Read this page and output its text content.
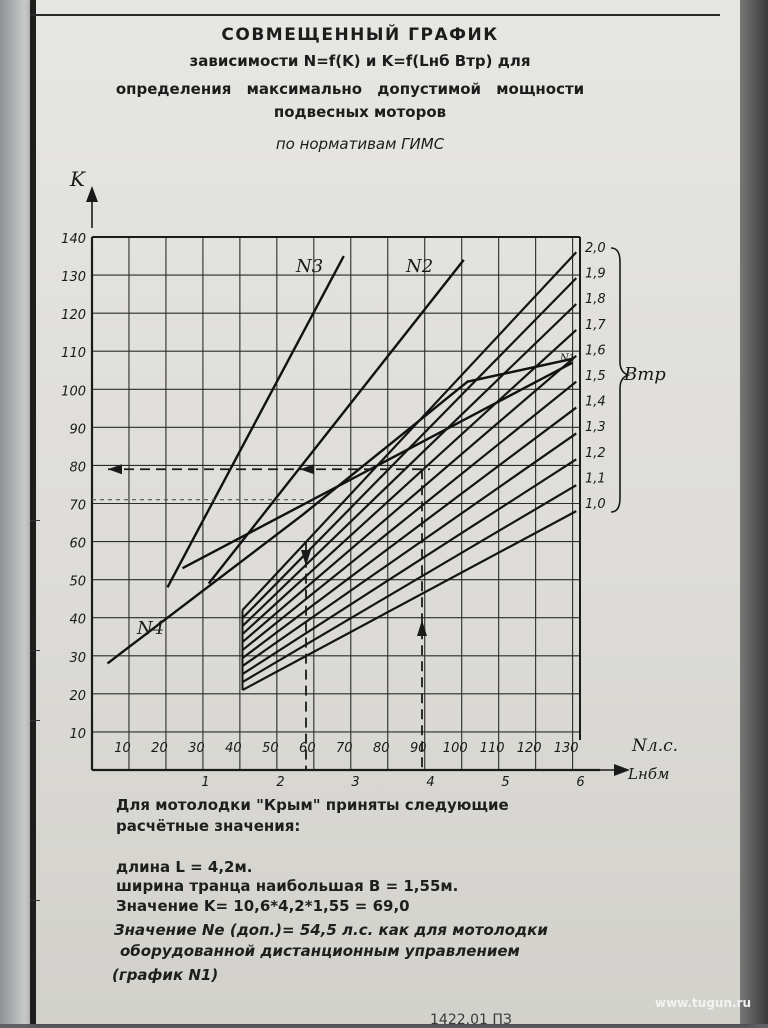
СОВМЕЩЕННЫЙ ГРАФИК
зависимости N=f(K) и K=f(Lнб Bтр) для
определения максимально допустимой мощности
подвесных моторов
по нормативам ГИМС
10
20
30
40
50
60
70
80
90
100
110
120
130
140
10 20 30 40 50 60 70 80 90 100 110 120 130
1	2	3	4	5	6
1,0
1,1
1,2
1,3
1,4
1,5
1,6
1,7
1,8
1,9
2,0
K
Nл.с.
Lнбм
Bтр
N3	N2
N4
N1
Для мотолодки "Крым" приняты следующие
расчётные значения:
длина L = 4,2м.
ширина транца наибольшая B = 1,55м.
Значение K= 10,6*4,2*1,55 = 69,0
Значение Ne (доп.)= 54,5 л.с. как для мотолодки
оборудованной дистанционным управлением
(график N1)
www.tugun.ru
1422.01 ПЗ
